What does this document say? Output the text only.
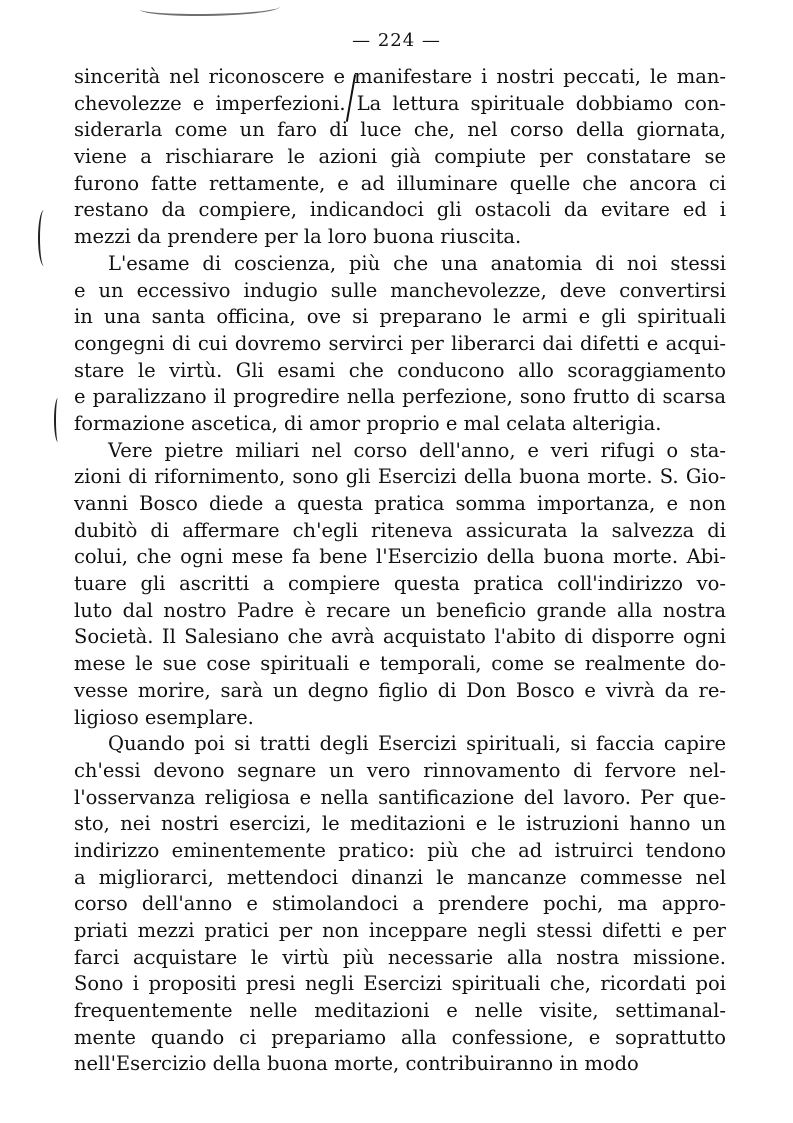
— 224 —
sincerità nel riconoscere e manifestare i nostri peccati, le man-
chevolezze e imperfezioni. La lettura spirituale dobbiamo con-
siderarla come un faro di luce che, nel corso della giornata,
viene a rischiarare le azioni già compiute per constatare se
furono fatte rettamente, e ad illuminare quelle che ancora ci
restano da compiere, indicandoci gli ostacoli da evitare ed i
mezzi da prendere per la loro buona riuscita.
L'esame di coscienza, più che una anatomia di noi stessi
e un eccessivo indugio sulle manchevolezze, deve convertirsi
in una santa officina, ove si preparano le armi e gli spirituali
congegni di cui dovremo servirci per liberarci dai difetti e acqui-
stare le virtù. Gli esami che conducono allo scoraggiamento
e paralizzano il progredire nella perfezione, sono frutto di scarsa
formazione ascetica, di amor proprio e mal celata alterigia.
Vere pietre miliari nel corso dell'anno, e veri rifugi o sta-
zioni di rifornimento, sono gli Esercizi della buona morte. S. Gio-
vanni Bosco diede a questa pratica somma importanza, e non
dubitò di affermare ch'egli riteneva assicurata la salvezza di
colui, che ogni mese fa bene l'Esercizio della buona morte. Abi-
tuare gli ascritti a compiere questa pratica coll'indirizzo vo-
luto dal nostro Padre è recare un beneficio grande alla nostra
Società. Il Salesiano che avrà acquistato l'abito di disporre ogni
mese le sue cose spirituali e temporali, come se realmente do-
vesse morire, sarà un degno figlio di Don Bosco e vivrà da re-
ligioso esemplare.
Quando poi si tratti degli Esercizi spirituali, si faccia capire
ch'essi devono segnare un vero rinnovamento di fervore nel-
l'osservanza religiosa e nella santificazione del lavoro. Per que-
sto, nei nostri esercizi, le meditazioni e le istruzioni hanno un
indirizzo eminentemente pratico: più che ad istruirci tendono
a migliorarci, mettendoci dinanzi le mancanze commesse nel
corso dell'anno e stimolandoci a prendere pochi, ma appro-
priati mezzi pratici per non inceppare negli stessi difetti e per
farci acquistare le virtù più necessarie alla nostra missione.
Sono i propositi presi negli Esercizi spirituali che, ricordati poi
frequentemente nelle meditazioni e nelle visite, settimanal-
mente quando ci prepariamo alla confessione, e soprattutto
nell'Esercizio della buona morte, contribuiranno in modo
